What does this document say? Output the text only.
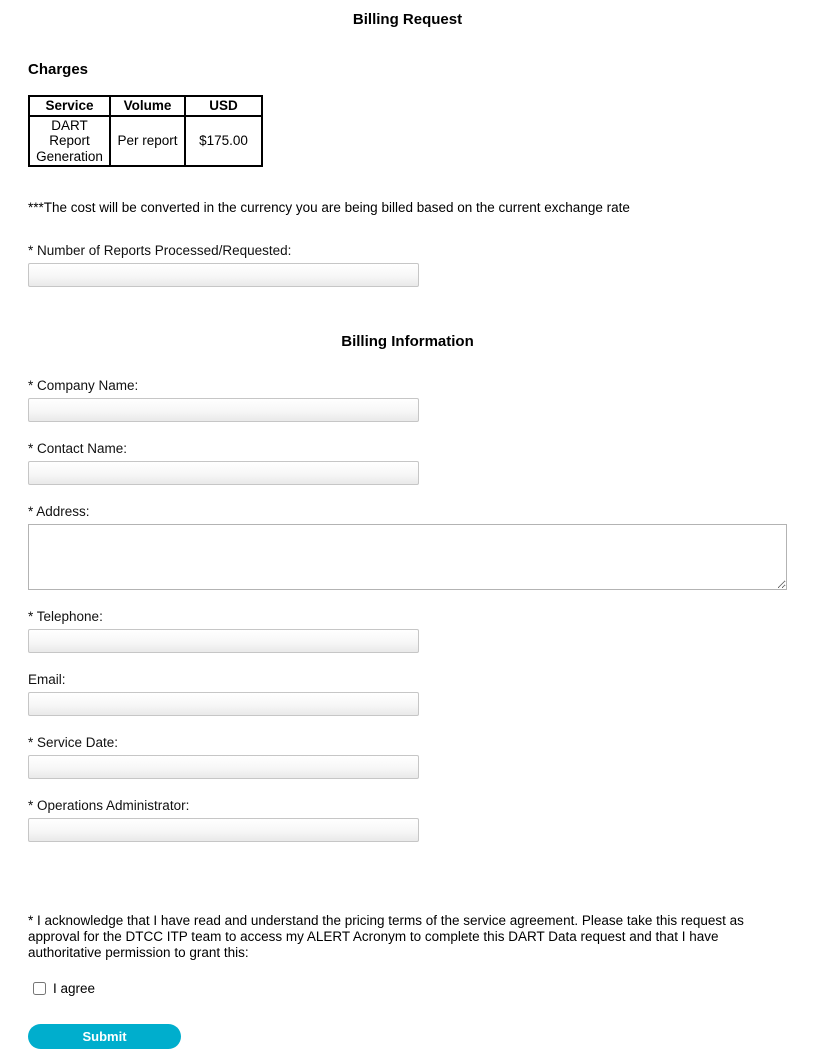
Billing Request
Charges
Service	Volume	USD
DART Report Generation	Per report	$175.00
***The cost will be converted in the currency you are being billed based on the current exchange rate
* Number of Reports Processed/Requested:
Billing Information
* Company Name:
* Contact Name:
* Address:
* Telephone:
Email:
* Service Date:
* Operations Administrator:
* I acknowledge that I have read and understand the pricing terms of the service agreement. Please take this request as approval for the DTCC ITP team to access my ALERT Acronym to complete this DART Data request and that I have authoritative permission to grant this:
I agree
Submit
